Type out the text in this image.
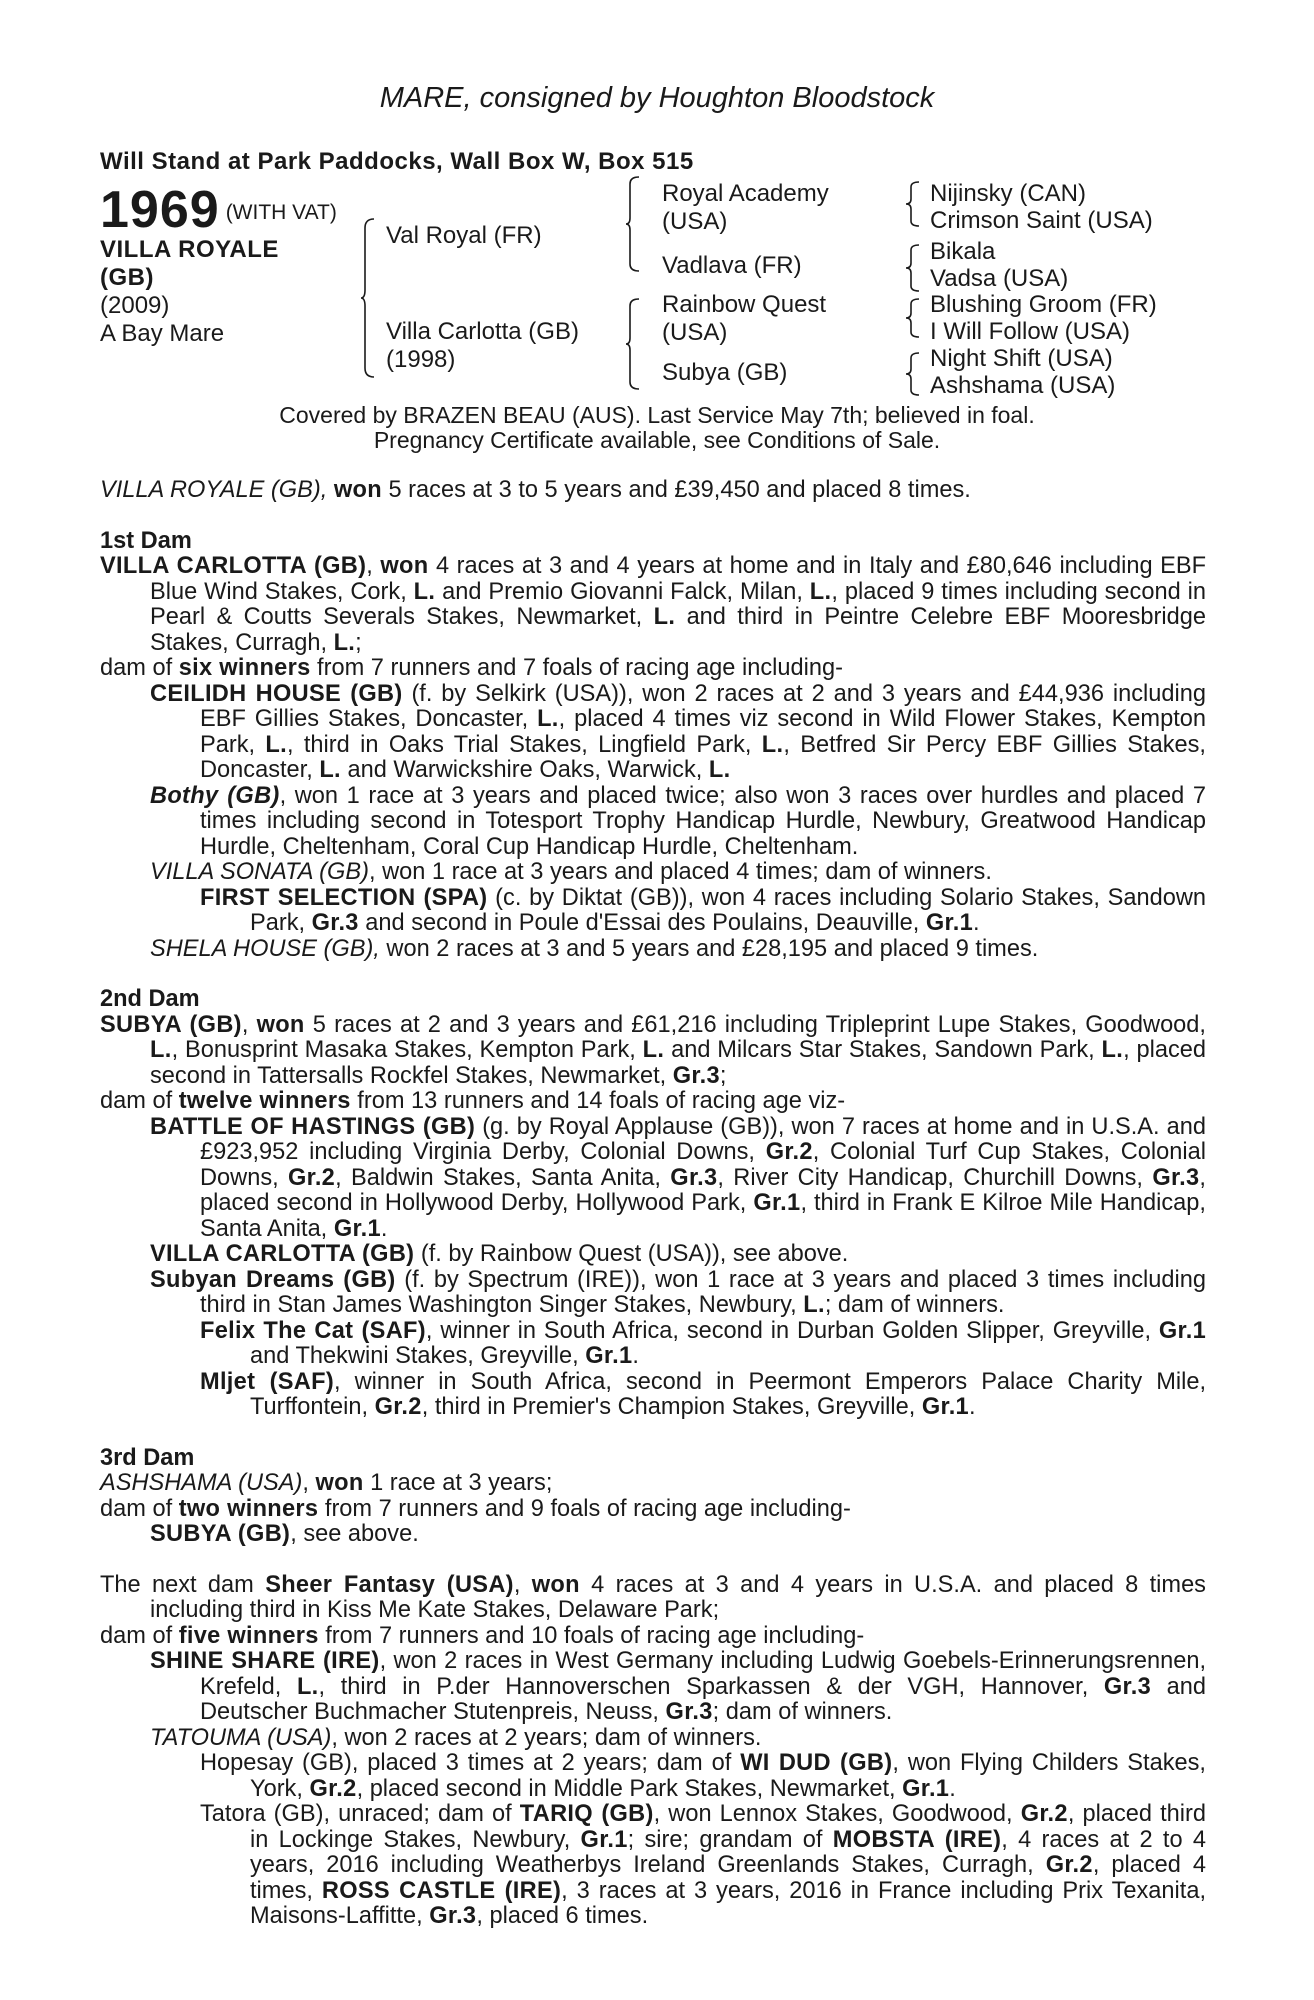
MARE, consigned by Houghton Bloodstock
Will Stand at Park Paddocks, Wall Box W, Box 515
1969 (WITH VAT)
VILLA ROYALE
(GB)
(2009)
A Bay Mare
Val Royal (FR)
Villa Carlotta (GB)
(1998)
Royal Academy
(USA)
Vadlava (FR)
Rainbow Quest
(USA)
Subya (GB)
Nijinsky (CAN)
Crimson Saint (USA)
Bikala
Vadsa (USA)
Blushing Groom (FR)
I Will Follow (USA)
Night Shift (USA)
Ashshama (USA)
Covered by BRAZEN BEAU (AUS). Last Service May 7th; believed in foal.
Pregnancy Certificate available, see Conditions of Sale.

VILLA ROYALE (GB), won 5 races at 3 to 5 years and £39,450 and placed 8 times.

1st Dam

VILLA CARLOTTA (GB), won 4 races at 3 and 4 years at home and in Italy and £80,646 including EBF Blue Wind Stakes, Cork, L. and Premio Giovanni Falck, Milan, L., placed 9 times including second in Pearl & Coutts Severals Stakes, Newmarket, L. and third in Peintre Celebre EBF Mooresbridge Stakes, Curragh, L.;

dam of six winners from 7 runners and 7 foals of racing age including-

CEILIDH HOUSE (GB) (f. by Selkirk (USA)), won 2 races at 2 and 3 years and £44,936 including EBF Gillies Stakes, Doncaster, L., placed 4 times viz second in Wild Flower Stakes, Kempton Park, L., third in Oaks Trial Stakes, Lingfield Park, L., Betfred Sir Percy EBF Gillies Stakes, Doncaster, L. and Warwickshire Oaks, Warwick, L.

Bothy (GB), won 1 race at 3 years and placed twice; also won 3 races over hurdles and placed 7 times including second in Totesport Trophy Handicap Hurdle, Newbury, Greatwood Handicap Hurdle, Cheltenham, Coral Cup Handicap Hurdle, Cheltenham.

VILLA SONATA (GB), won 1 race at 3 years and placed 4 times; dam of winners.

FIRST SELECTION (SPA) (c. by Diktat (GB)), won 4 races including Solario Stakes, Sandown Park, Gr.3 and second in Poule d'Essai des Poulains, Deauville, Gr.1.

SHELA HOUSE (GB), won 2 races at 3 and 5 years and £28,195 and placed 9 times.

2nd Dam

SUBYA (GB), won 5 races at 2 and 3 years and £61,216 including Tripleprint Lupe Stakes, Goodwood, L., Bonusprint Masaka Stakes, Kempton Park, L. and Milcars Star Stakes, Sandown Park, L., placed second in Tattersalls Rockfel Stakes, Newmarket, Gr.3;

dam of twelve winners from 13 runners and 14 foals of racing age viz-

BATTLE OF HASTINGS (GB) (g. by Royal Applause (GB)), won 7 races at home and in U.S.A. and £923,952 including Virginia Derby, Colonial Downs, Gr.2, Colonial Turf Cup Stakes, Colonial Downs, Gr.2, Baldwin Stakes, Santa Anita, Gr.3, River City Handicap, Churchill Downs, Gr.3, placed second in Hollywood Derby, Hollywood Park, Gr.1, third in Frank E Kilroe Mile Handicap, Santa Anita, Gr.1.

VILLA CARLOTTA (GB) (f. by Rainbow Quest (USA)), see above.

Subyan Dreams (GB) (f. by Spectrum (IRE)), won 1 race at 3 years and placed 3 times including third in Stan James Washington Singer Stakes, Newbury, L.; dam of winners.

Felix The Cat (SAF), winner in South Africa, second in Durban Golden Slipper, Greyville, Gr.1 and Thekwini Stakes, Greyville, Gr.1.

Mljet (SAF), winner in South Africa, second in Peermont Emperors Palace Charity Mile, Turffontein, Gr.2, third in Premier's Champion Stakes, Greyville, Gr.1.

3rd Dam

ASHSHAMA (USA), won 1 race at 3 years;

dam of two winners from 7 runners and 9 foals of racing age including-

SUBYA (GB), see above.

The next dam Sheer Fantasy (USA), won 4 races at 3 and 4 years in U.S.A. and placed 8 times including third in Kiss Me Kate Stakes, Delaware Park;

dam of five winners from 7 runners and 10 foals of racing age including-

SHINE SHARE (IRE), won 2 races in West Germany including Ludwig Goebels-Erinnerungsrennen, Krefeld, L., third in P.der Hannoverschen Sparkassen & der VGH, Hannover, Gr.3 and Deutscher Buchmacher Stutenpreis, Neuss, Gr.3; dam of winners.

TATOUMA (USA), won 2 races at 2 years; dam of winners.

Hopesay (GB), placed 3 times at 2 years; dam of WI DUD (GB), won Flying Childers Stakes, York, Gr.2, placed second in Middle Park Stakes, Newmarket, Gr.1.

Tatora (GB), unraced; dam of TARIQ (GB), won Lennox Stakes, Goodwood, Gr.2, placed third in Lockinge Stakes, Newbury, Gr.1; sire; grandam of MOBSTA (IRE), 4 races at 2 to 4 years, 2016 including Weatherbys Ireland Greenlands Stakes, Curragh, Gr.2, placed 4 times, ROSS CASTLE (IRE), 3 races at 3 years, 2016 in France including Prix Texanita, Maisons-Laffitte, Gr.3, placed 6 times.
